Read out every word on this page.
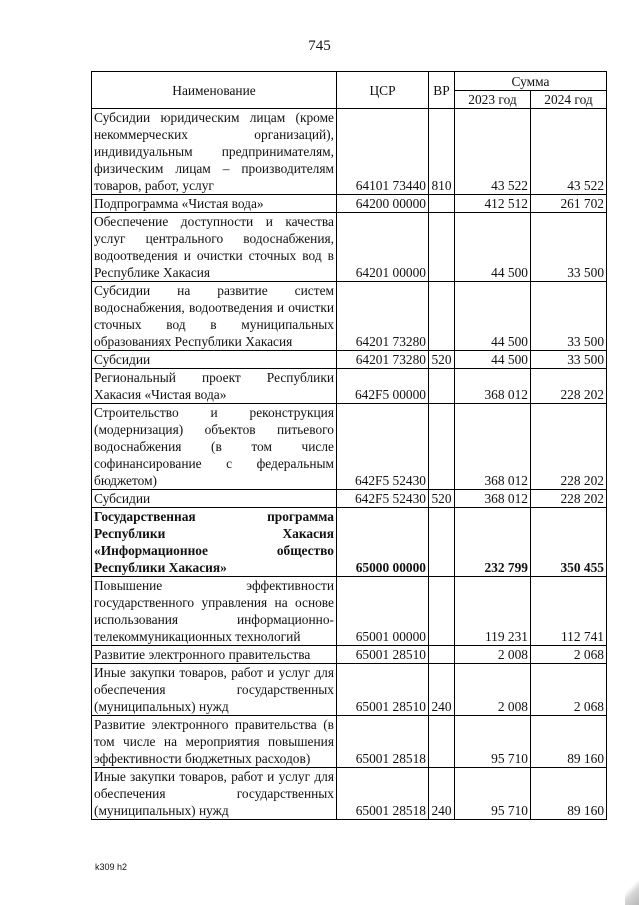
745
Наименование	ЦСР	ВР	Сумма	
			2023 год	2024 год
Субсидии юридическим лицам (кроме некоммерческих организаций), индивидуальным предпринимателям, физическим лицам – производителям товаров, работ, услуг	64101 73440	810	43 522	43 522
Подпрограмма «Чистая вода»	64200 00000		412 512	261 702
Обеспечение доступности и качества услуг центрального водоснабжения, водоотведения и очистки сточных вод в Республике Хакасия	64201 00000		44 500	33 500
Субсидии на развитие систем водоснабжения, водоотведения и очистки сточных вод в муниципальных образованиях Республики Хакасия	64201 73280		44 500	33 500
Субсидии	64201 73280	520	44 500	33 500
Региональный проект Республики Хакасия «Чистая вода»	642F5 00000		368 012	228 202
Строительство и реконструкция (модернизация) объектов питьевого водоснабжения (в том числе софинансирование с федеральным бюджетом)	642F5 52430		368 012	228 202
Субсидии	642F5 52430	520	368 012	228 202
Государственная программа Республики Хакасия «Информационное общество Республики Хакасия»	65000 00000		232 799	350 455
Повышение эффективности государственного управления на основе использования информационно-телекоммуникационных технологий	65001 00000		119 231	112 741
Развитие электронного правительства	65001 28510		2 008	2 068
Иные закупки товаров, работ и услуг для обеспечения государственных (муниципальных) нужд	65001 28510	240	2 008	2 068
Развитие электронного правительства (в том числе на мероприятия повышения эффективности бюджетных расходов)	65001 28518		95 710	89 160
Иные закупки товаров, работ и услуг для обеспечения государственных (муниципальных) нужд	65001 28518	240	95 710	89 160
k309 h2
